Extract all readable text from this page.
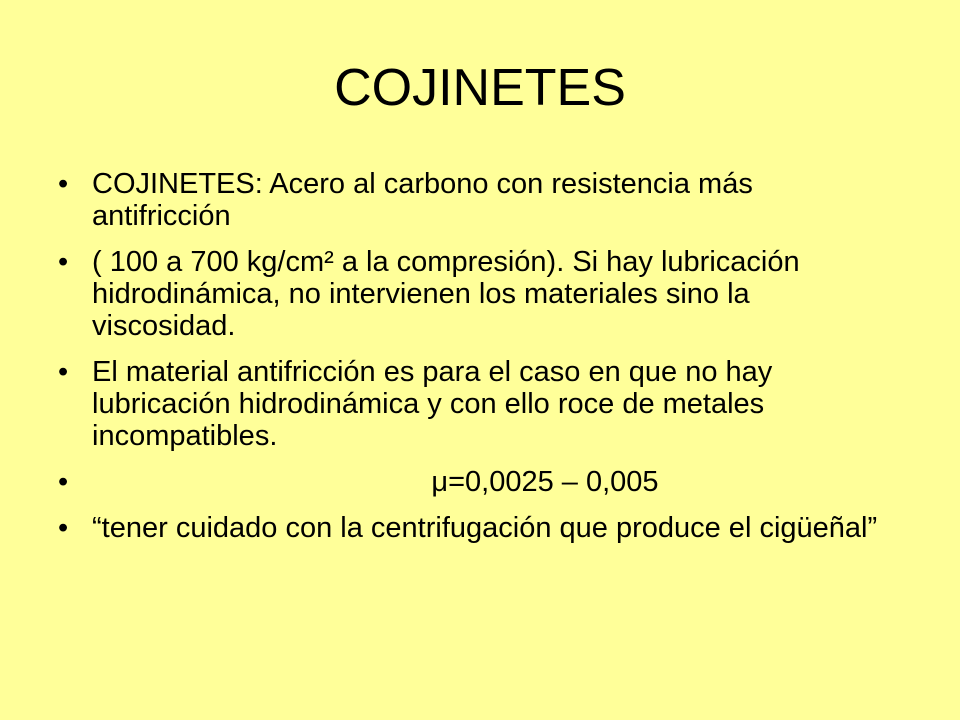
COJINETES
• COJINETES: Acero al carbono con resistencia más antifricción
• ( 100 a 700 kg/cm² a la compresión). Si hay lubricación hidrodinámica, no intervienen los materiales sino la viscosidad.
• El material antifricción es para el caso en que no hay lubricación hidrodinámica y con ello roce de metales incompatibles.
•	μ=0,0025 – 0,005
• “tener cuidado con la centrifugación que produce el cigüeñal”
